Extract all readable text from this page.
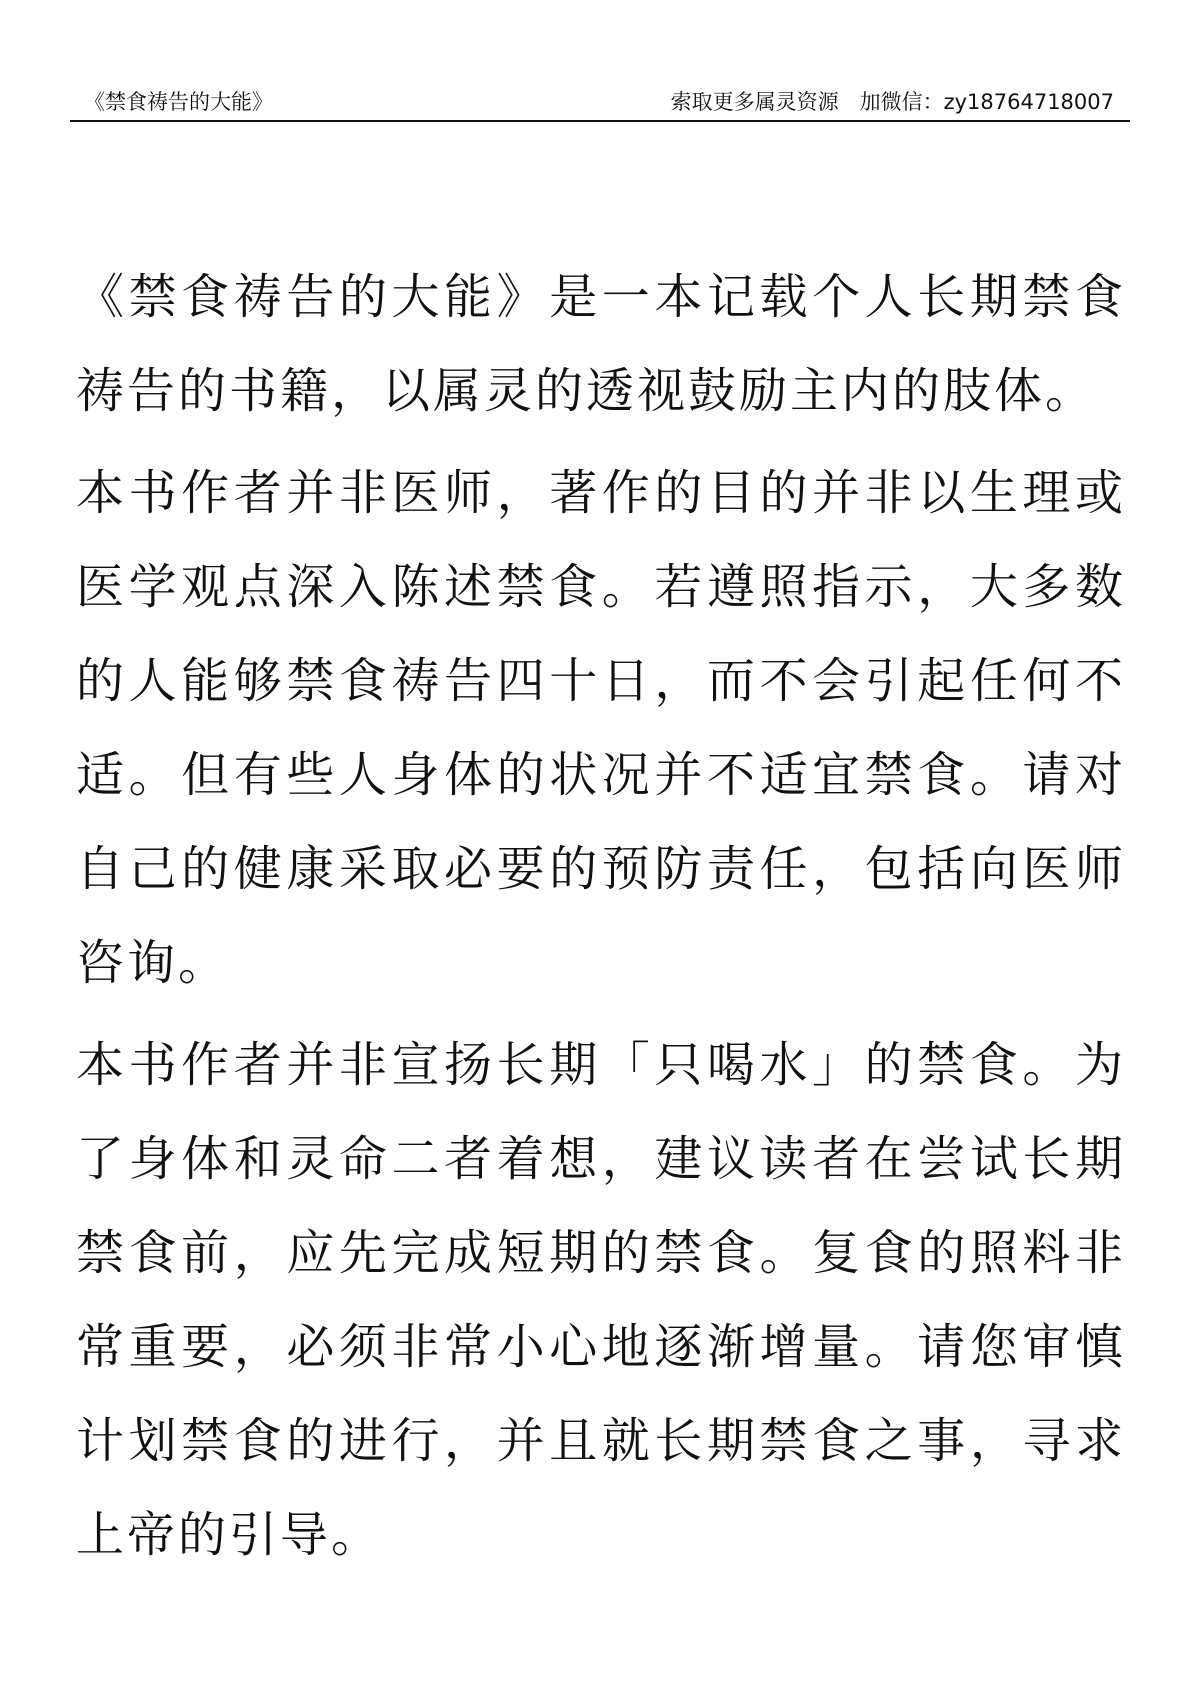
《禁食祷告的大能》	索取更多属灵资源　加微信：zy18764718007

《禁食祷告的大能》是一本记载个人长期禁食祷告的书籍，以属灵的透视鼓励主内的肢体。

本书作者并非医师，著作的目的并非以生理或医学观点深入陈述禁食。若遵照指示，大多数的人能够禁食祷告四十日，而不会引起任何不适。但有些人身体的状况并不适宜禁食。请对自己的健康采取必要的预防责任，包括向医师咨询。

本书作者并非宣扬长期「只喝水」的禁食。为了身体和灵命二者着想，建议读者在尝试长期禁食前，应先完成短期的禁食。复食的照料非常重要，必须非常小心地逐渐增量。请您审慎计划禁食的进行，并且就长期禁食之事，寻求上帝的引导。
